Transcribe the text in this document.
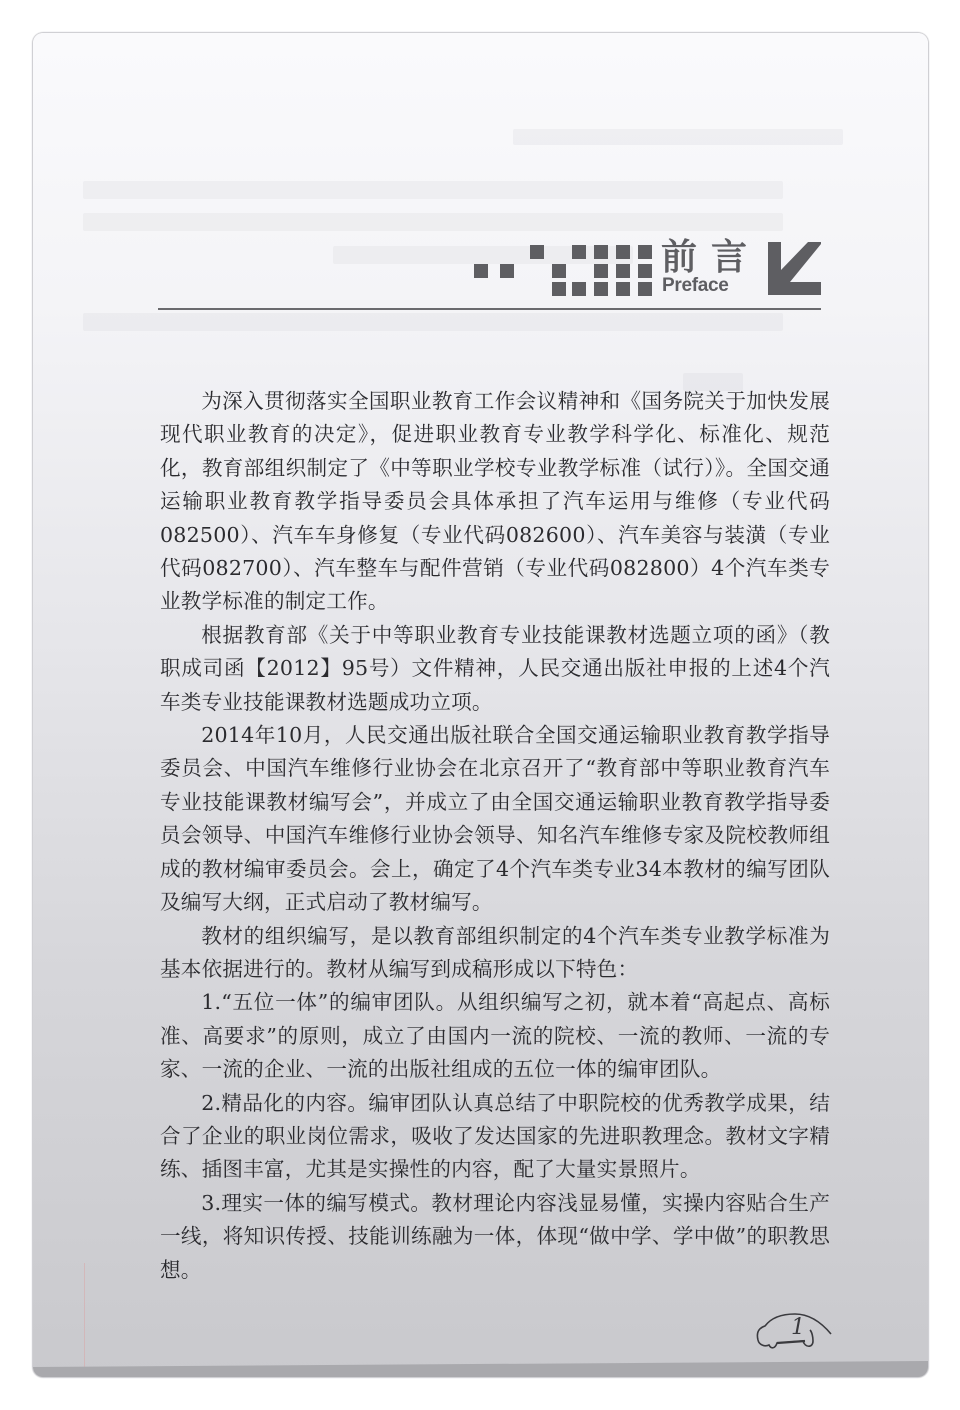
前言
Preface

为深入贯彻落实全国职业教育工作会议精神和《国务院关于加快发展现代职业教育的决定》，促进职业教育专业教学科学化、标准化、规范化，教育部组织制定了《中等职业学校专业教学标准（试行）》。全国交通运输职业教育教学指导委员会具体承担了汽车运用与维修（专业代码082500）、汽车车身修复（专业代码082600）、汽车美容与装潢（专业代码082700）、汽车整车与配件营销（专业代码082800）4个汽车类专业教学标准的制定工作。

根据教育部《关于中等职业教育专业技能课教材选题立项的函》（教职成司函【2012】95号）文件精神，人民交通出版社申报的上述4个汽车类专业技能课教材选题成功立项。

2014年10月，人民交通出版社联合全国交通运输职业教育教学指导委员会、中国汽车维修行业协会在北京召开了“教育部中等职业教育汽车专业技能课教材编写会”，并成立了由全国交通运输职业教育教学指导委员会领导、中国汽车维修行业协会领导、知名汽车维修专家及院校教师组成的教材编审委员会。会上，确定了4个汽车类专业34本教材的编写团队及编写大纲，正式启动了教材编写。

教材的组织编写，是以教育部组织制定的4个汽车类专业教学标准为基本依据进行的。教材从编写到成稿形成以下特色：

1.“五位一体”的编审团队。从组织编写之初，就本着“高起点、高标准、高要求”的原则，成立了由国内一流的院校、一流的教师、一流的专家、一流的企业、一流的出版社组成的五位一体的编审团队。

2.精品化的内容。编审团队认真总结了中职院校的优秀教学成果，结合了企业的职业岗位需求，吸收了发达国家的先进职教理念。教材文字精练、插图丰富，尤其是实操性的内容，配了大量实景照片。

3.理实一体的编写模式。教材理论内容浅显易懂，实操内容贴合生产一线，将知识传授、技能训练融为一体，体现“做中学、学中做”的职教思想。

1
